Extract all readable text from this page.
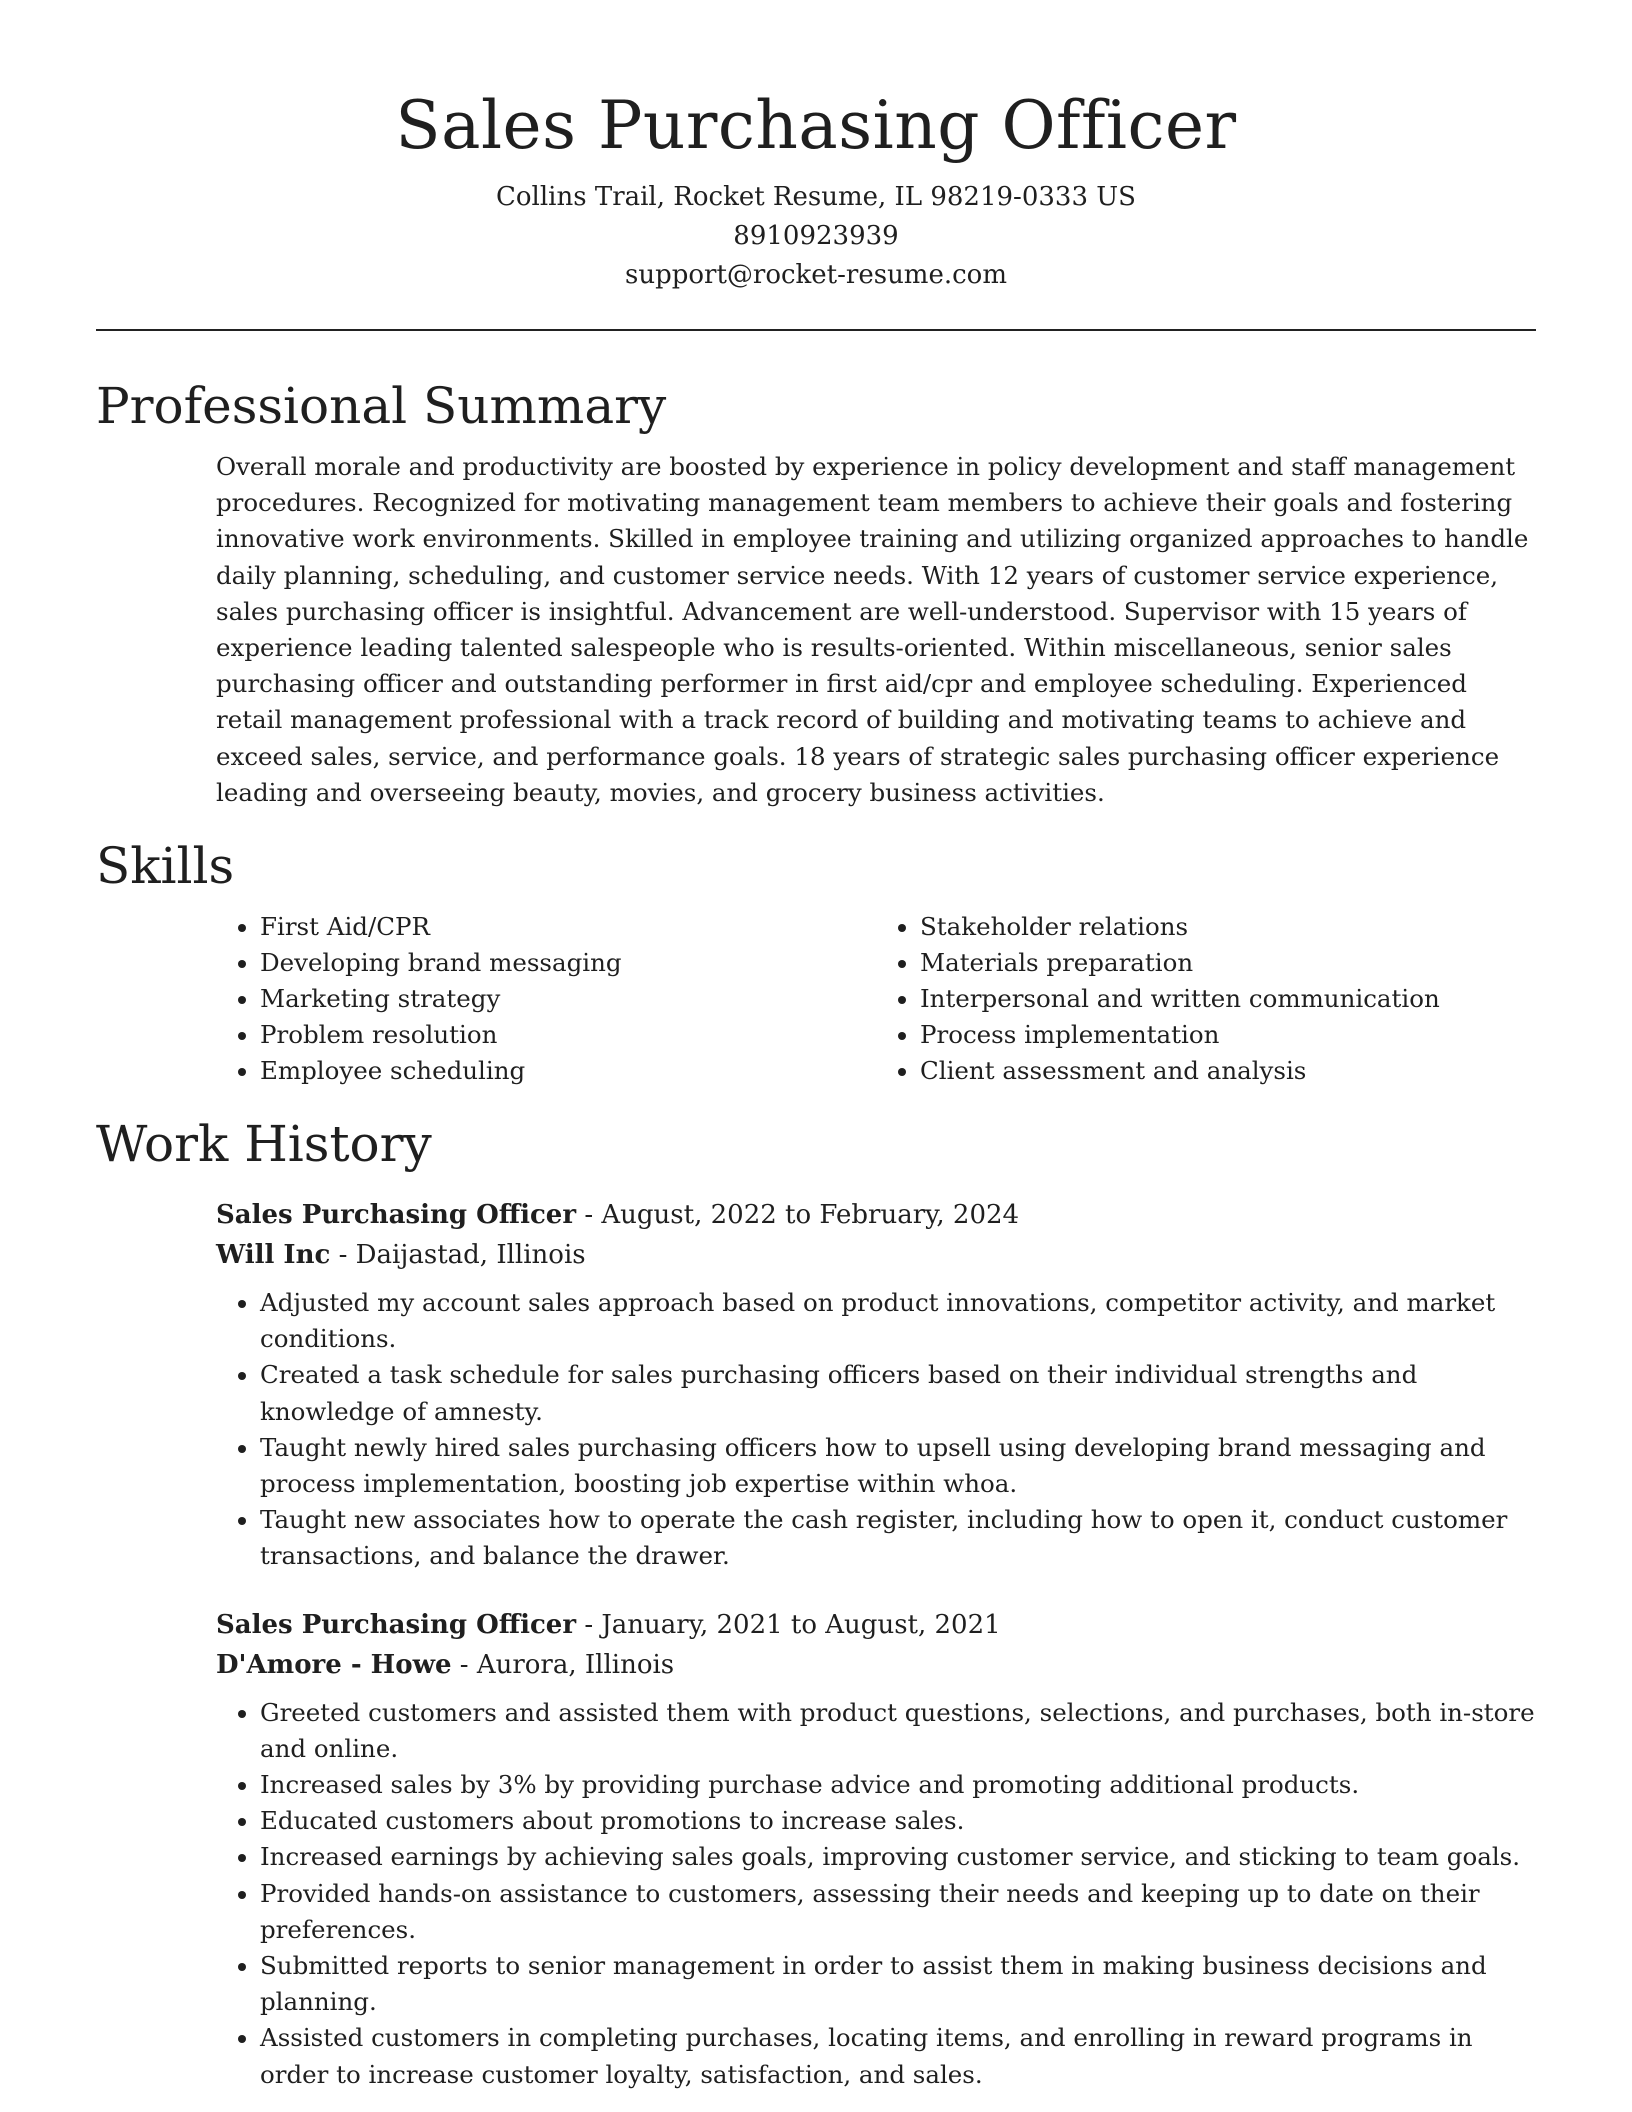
Sales Purchasing Officer
Collins Trail, Rocket Resume, IL 98219-0333 US
8910923939
support@rocket-resume.com
Professional Summary
Overall morale and productivity are boosted by experience in policy development and staff management procedures. Recognized for motivating management team members to achieve their goals and fostering innovative work environments. Skilled in employee training and utilizing organized approaches to handle daily planning, scheduling, and customer service needs. With 12 years of customer service experience, sales purchasing officer is insightful. Advancement are well-understood. Supervisor with 15 years of experience leading talented salespeople who is results-oriented. Within miscellaneous, senior sales purchasing officer and outstanding performer in first aid/cpr and employee scheduling. Experienced retail management professional with a track record of building and motivating teams to achieve and exceed sales, service, and performance goals. 18 years of strategic sales purchasing officer experience leading and overseeing beauty, movies, and grocery business activities.
Skills
• First Aid/CPR
• Developing brand messaging
• Marketing strategy
• Problem resolution
• Employee scheduling
• Stakeholder relations
• Materials preparation
• Interpersonal and written communication
• Process implementation
• Client assessment and analysis
Work History
Sales Purchasing Officer - August, 2022 to February, 2024
Will Inc - Daijastad, Illinois
• Adjusted my account sales approach based on product innovations, competitor activity, and market conditions.
• Created a task schedule for sales purchasing officers based on their individual strengths and knowledge of amnesty.
• Taught newly hired sales purchasing officers how to upsell using developing brand messaging and process implementation, boosting job expertise within whoa.
• Taught new associates how to operate the cash register, including how to open it, conduct customer transactions, and balance the drawer.
Sales Purchasing Officer - January, 2021 to August, 2021
D'Amore - Howe - Aurora, Illinois
• Greeted customers and assisted them with product questions, selections, and purchases, both in-store and online.
• Increased sales by 3% by providing purchase advice and promoting additional products.
• Educated customers about promotions to increase sales.
• Increased earnings by achieving sales goals, improving customer service, and sticking to team goals.
• Provided hands-on assistance to customers, assessing their needs and keeping up to date on their preferences.
• Submitted reports to senior management in order to assist them in making business decisions and planning.
• Assisted customers in completing purchases, locating items, and enrolling in reward programs in order to increase customer loyalty, satisfaction, and sales.
